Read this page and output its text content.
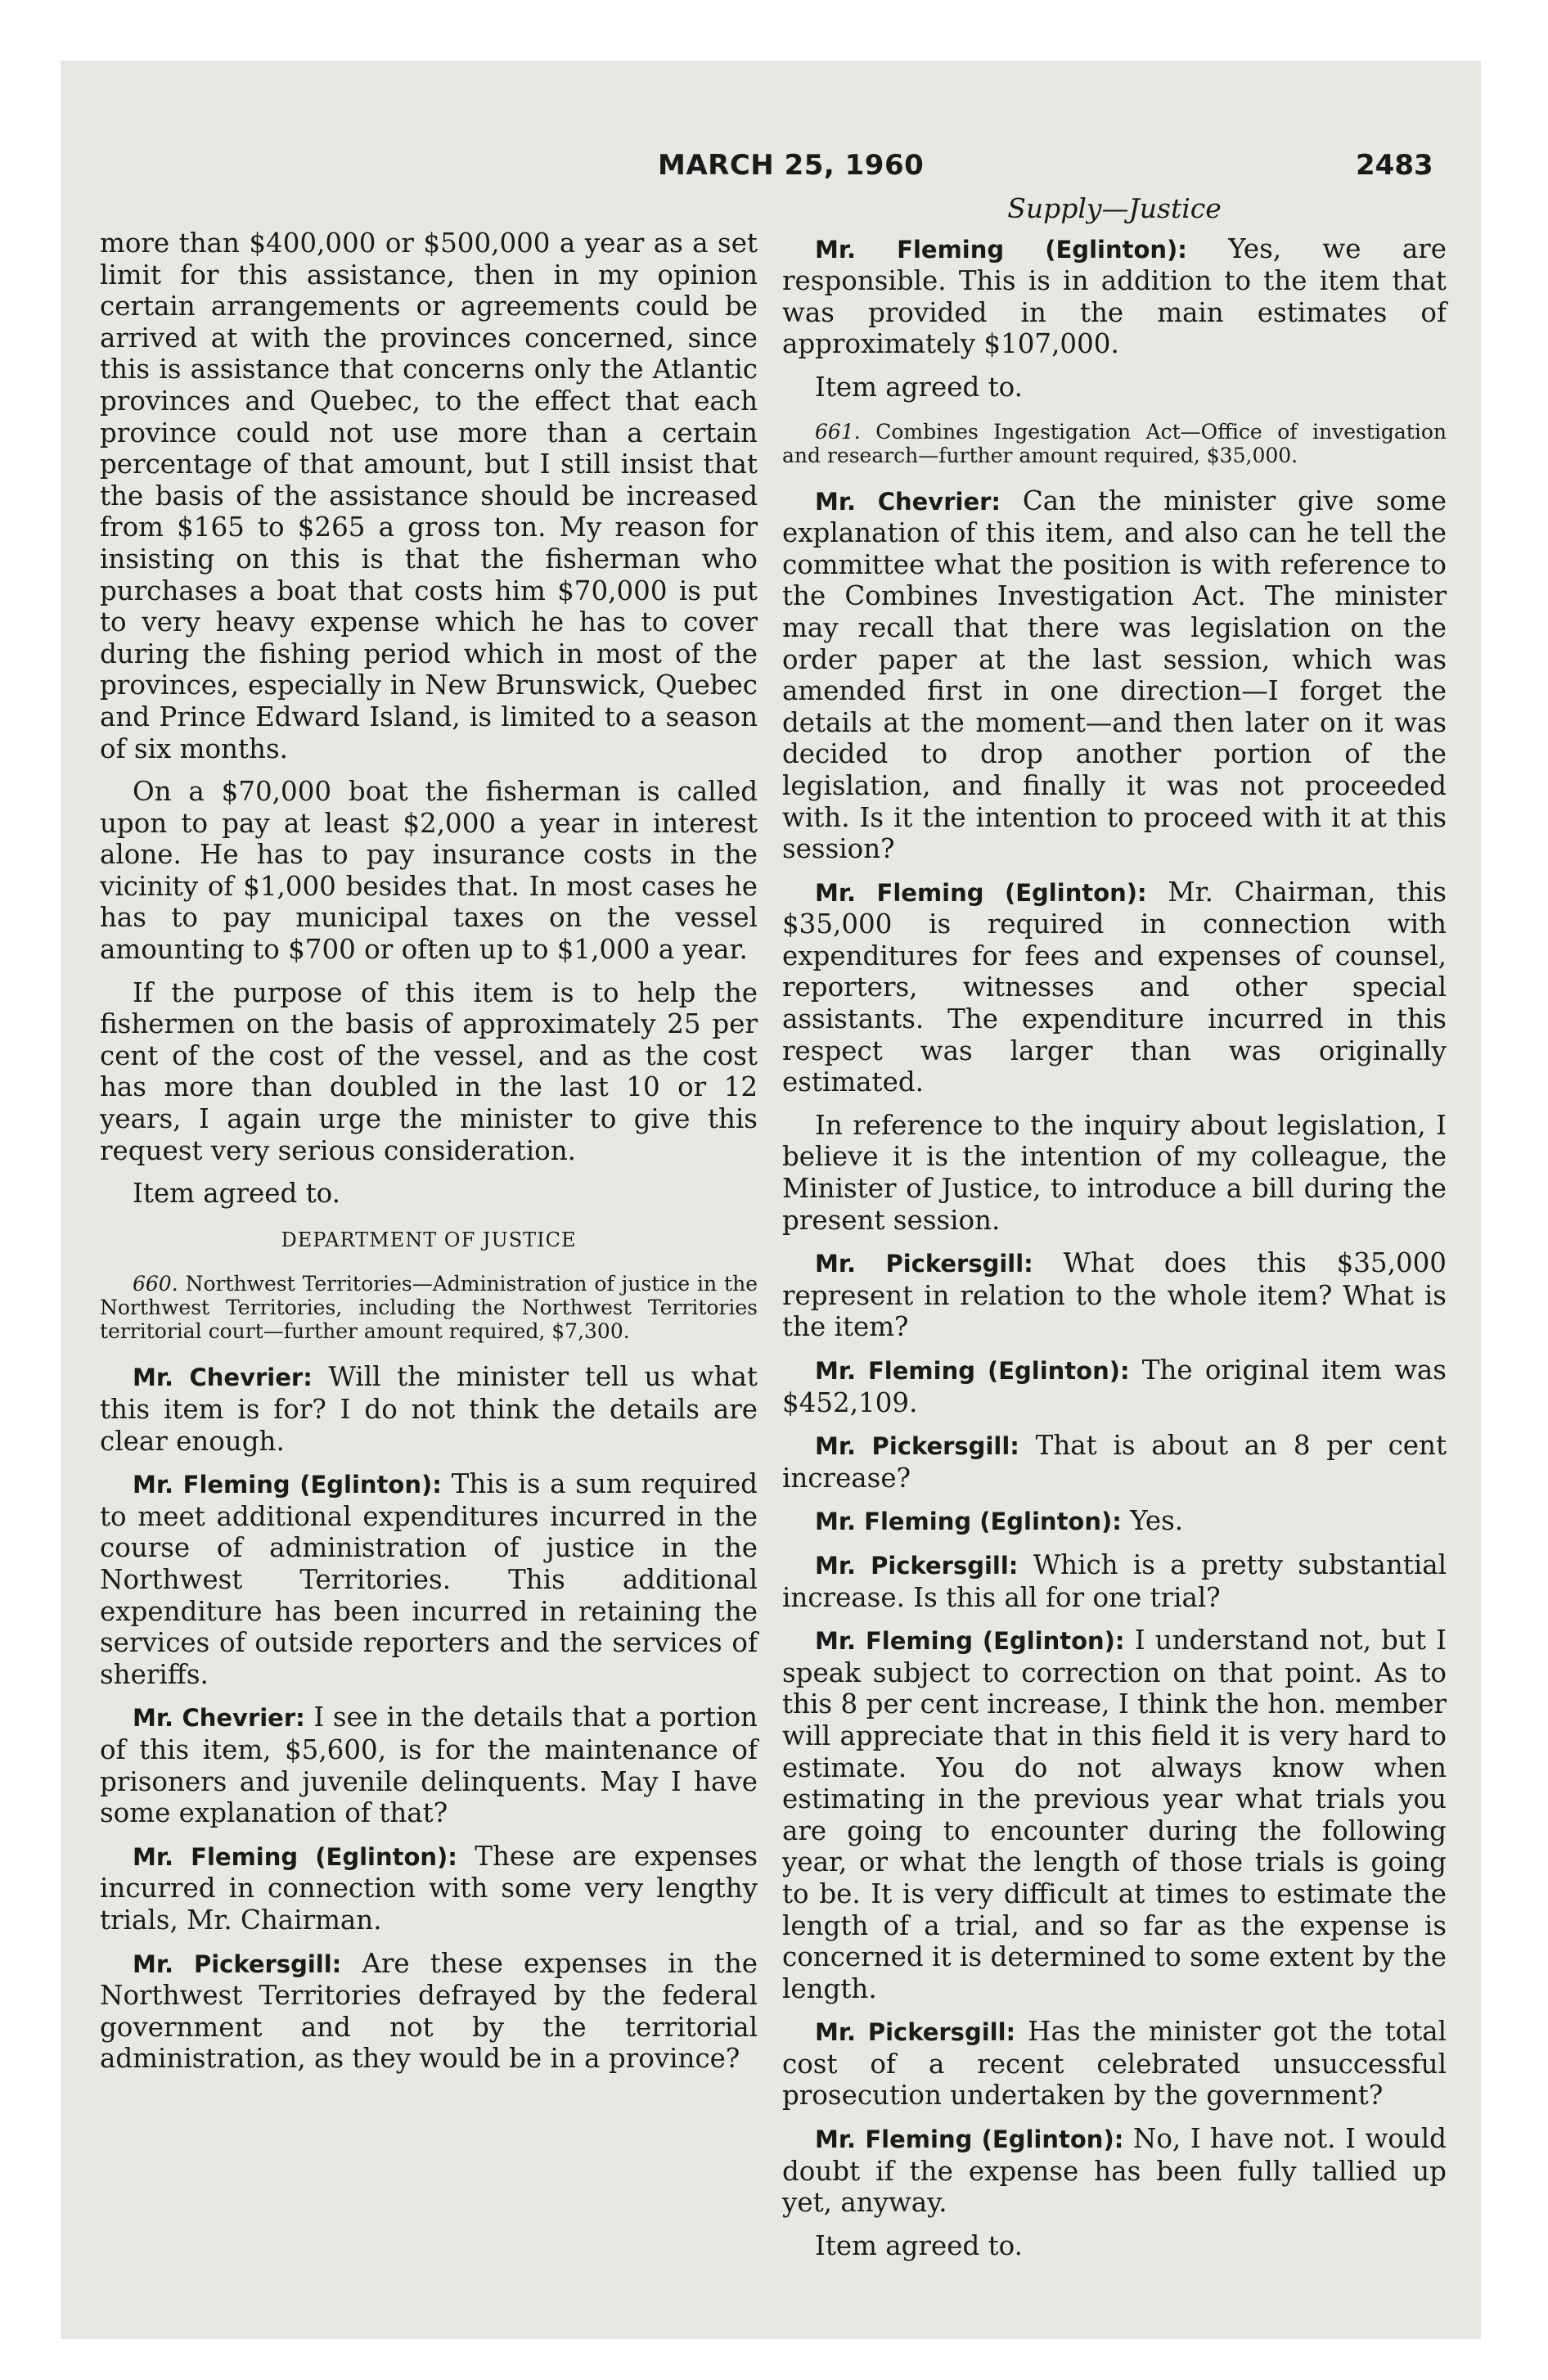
MARCH 25, 1960	2483

more than $400,000 or $500,000 a year as a set limit for this assistance, then in my opinion certain arrangements or agreements could be arrived at with the provinces concerned, since this is assistance that concerns only the Atlantic provinces and Quebec, to the effect that each province could not use more than a certain percentage of that amount, but I still insist that the basis of the assistance should be increased from $165 to $265 a gross ton. My reason for insisting on this is that the fisherman who purchases a boat that costs him $70,000 is put to very heavy expense which he has to cover during the fishing period which in most of the provinces, especially in New Brunswick, Quebec and Prince Edward Island, is limited to a season of six months.

On a $70,000 boat the fisherman is called upon to pay at least $2,000 a year in interest alone. He has to pay insurance costs in the vicinity of $1,000 besides that. In most cases he has to pay municipal taxes on the vessel amounting to $700 or often up to $1,000 a year.

If the purpose of this item is to help the fishermen on the basis of approximately 25 per cent of the cost of the vessel, and as the cost has more than doubled in the last 10 or 12 years, I again urge the minister to give this request very serious consideration.

Item agreed to.

DEPARTMENT OF JUSTICE

660. Northwest Territories—Administration of justice in the Northwest Territories, including the Northwest Territories territorial court—further amount required, $7,300.

Mr. Chevrier: Will the minister tell us what this item is for? I do not think the details are clear enough.

Mr. Fleming (Eglinton): This is a sum required to meet additional expenditures incurred in the course of administration of justice in the Northwest Territories. This additional expenditure has been incurred in retaining the services of outside reporters and the services of sheriffs.

Mr. Chevrier: I see in the details that a portion of this item, $5,600, is for the maintenance of prisoners and juvenile delinquents. May I have some explanation of that?

Mr. Fleming (Eglinton): These are expenses incurred in connection with some very lengthy trials, Mr. Chairman.

Mr. Pickersgill: Are these expenses in the Northwest Territories defrayed by the federal government and not by the territorial administration, as they would be in a province?

Supply—Justice

Mr. Fleming (Eglinton): Yes, we are responsible. This is in addition to the item that was provided in the main estimates of approximately $107,000.

Item agreed to.

661. Combines Ingestigation Act—Office of investigation and research—further amount required, $35,000.

Mr. Chevrier: Can the minister give some explanation of this item, and also can he tell the committee what the position is with reference to the Combines Investigation Act. The minister may recall that there was legislation on the order paper at the last session, which was amended first in one direction—I forget the details at the moment—and then later on it was decided to drop another portion of the legislation, and finally it was not proceeded with. Is it the intention to proceed with it at this session?

Mr. Fleming (Eglinton): Mr. Chairman, this $35,000 is required in connection with expenditures for fees and expenses of counsel, reporters, witnesses and other special assistants. The expenditure incurred in this respect was larger than was originally estimated.

In reference to the inquiry about legislation, I believe it is the intention of my colleague, the Minister of Justice, to introduce a bill during the present session.

Mr. Pickersgill: What does this $35,000 represent in relation to the whole item? What is the item?

Mr. Fleming (Eglinton): The original item was $452,109.

Mr. Pickersgill: That is about an 8 per cent increase?

Mr. Fleming (Eglinton): Yes.

Mr. Pickersgill: Which is a pretty substantial increase. Is this all for one trial?

Mr. Fleming (Eglinton): I understand not, but I speak subject to correction on that point. As to this 8 per cent increase, I think the hon. member will appreciate that in this field it is very hard to estimate. You do not always know when estimating in the previous year what trials you are going to encounter during the following year, or what the length of those trials is going to be. It is very difficult at times to estimate the length of a trial, and so far as the expense is concerned it is determined to some extent by the length.

Mr. Pickersgill: Has the minister got the total cost of a recent celebrated unsuccessful prosecution undertaken by the government?

Mr. Fleming (Eglinton): No, I have not. I would doubt if the expense has been fully tallied up yet, anyway.

Item agreed to.
